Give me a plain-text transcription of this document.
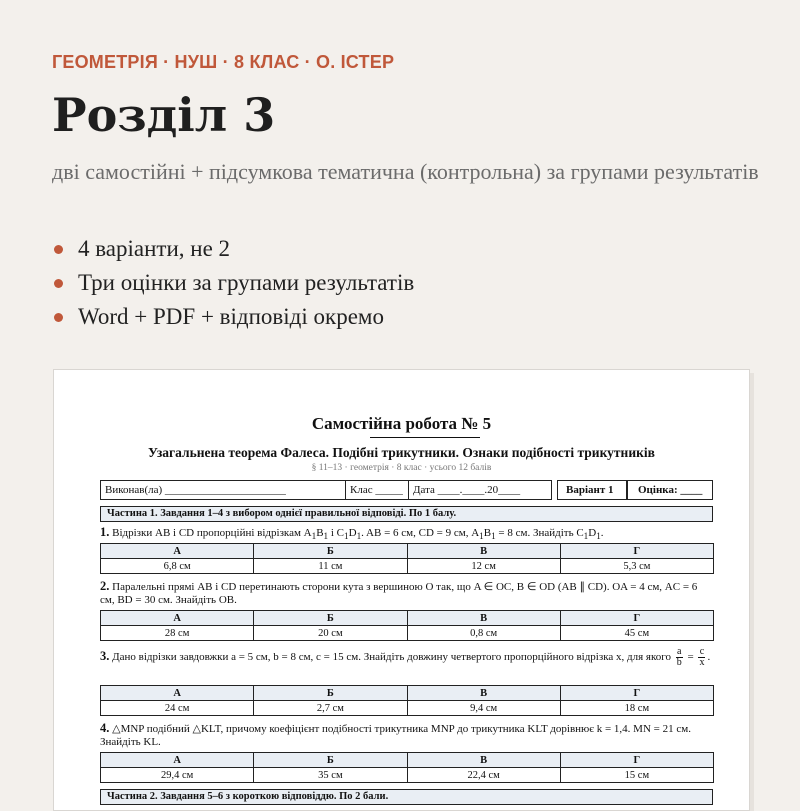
ГЕОМЕТРІЯ · НУШ · 8 КЛАС · О. ІСТЕР
Розділ 3
дві самостійні + підсумкова тематична (контрольна) за групами результатів
4 варіанти, не 2
Три оцінки за групами результатів
Word + PDF + відповіді окремо
Самостійна робота № 5
Узагальнена теорема Фалеса. Подібні трикутники. Ознаки подібності трикутників
§ 11–13 · геометрія · 8 клас · усього 12 балів
Виконав(ла) ______________________	Клас _____ Дата ____.____.20____	Варіант 1	Оцінка: ____
Частина 1. Завдання 1–4 з вибором однієї правильної відповіді. По 1 балу.
1. Відрізки AB і CD пропорційні відрізкам $A_1B_1$ і $C_1D_1$. AB = 6 см, CD = 9 см, $A_1B_1 = 8$ см. Знайдіть $C_1D_1$.
А	Б	В	Г
6,8 см	11 см	12 см	5,3 см
2. Паралельні прямі AB і CD перетинають сторони кута з вершиною O так, що A ∈ OC, B ∈ OD (AB ∥ CD). OA = 4 см, AC = 6 см, BD = 30 см. Знайдіть OB.
А	Б	В	Г
28 см	20 см	0,8 см	45 см
3. Дано відрізки завдовжки a = 5 см, b = 8 см, c = 15 см. Знайдіть довжину четвертого пропорційного відрізка x, для якого $\frac{a}{b} = \frac{c}{x}$ .
А	Б	В	Г
24 см	2,7 см	9,4 см	18 см
4. △MNP подібний △KLT, причому коефіцієнт подібності трикутника MNP до трикутника KLT дорівнює k = 1,4. MN = 21 см. Знайдіть KL.
А	Б	В	Г
29,4 см	35 см	22,4 см	15 см
Частина 2. Завдання 5–6 з короткою відповіддю. По 2 бали.
